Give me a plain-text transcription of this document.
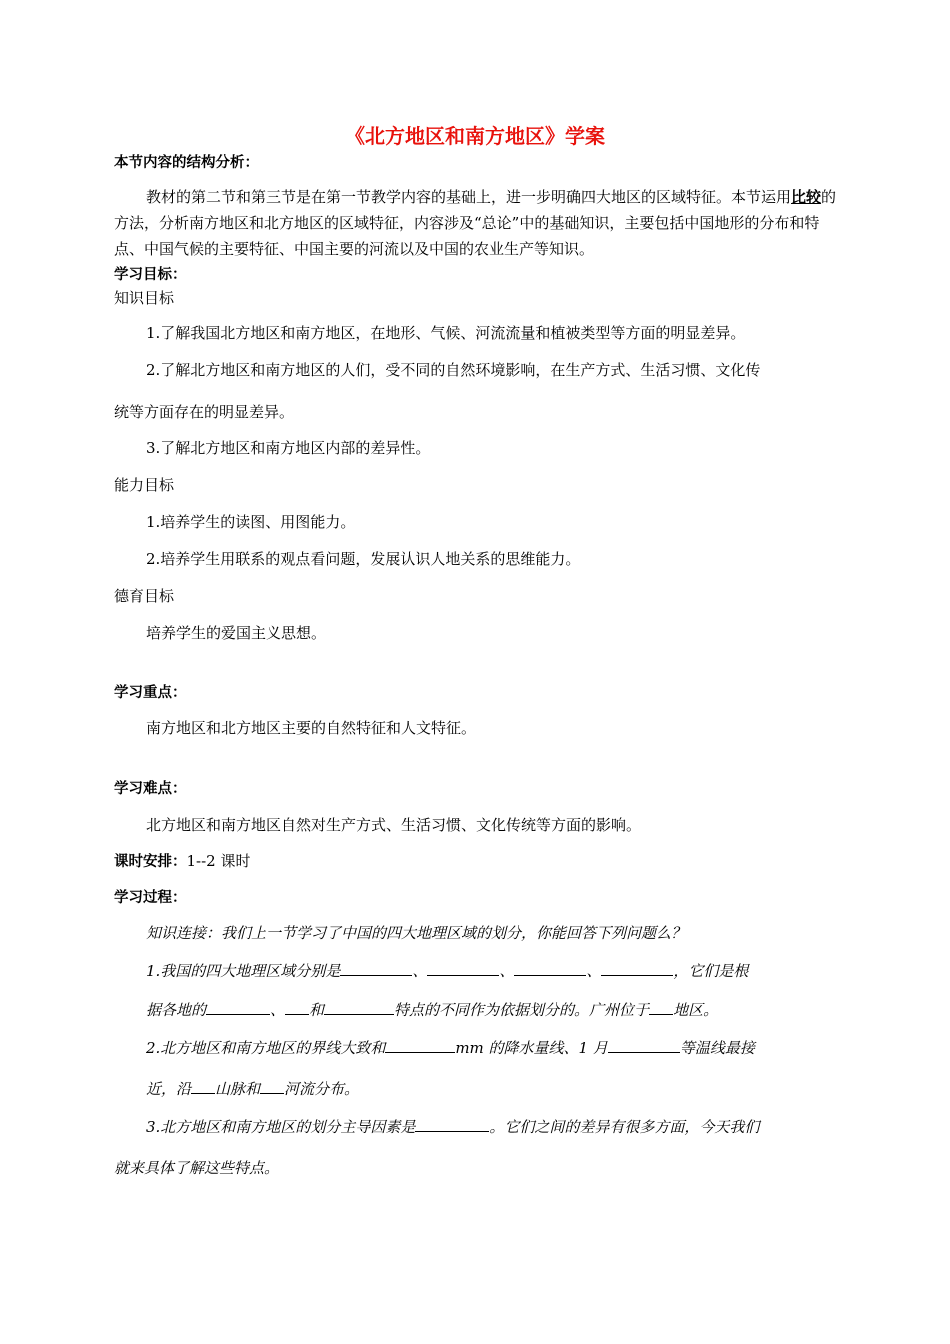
《北方地区和南方地区》学案
本节内容的结构分析：
教材的第二节和第三节是在第一节教学内容的基础上，进一步明确四大地区的区域特征。本节运用比较的方法，分析南方地区和北方地区的区域特征，内容涉及“总论”中的基础知识，主要包括中国地形的分布和特点、中国气候的主要特征、中国主要的河流以及中国的农业生产等知识。
学习目标：
知识目标
1.了解我国北方地区和南方地区，在地形、气候、河流流量和植被类型等方面的明显差异。
2.了解北方地区和南方地区的人们，受不同的自然环境影响，在生产方式、生活习惯、文化传
统等方面存在的明显差异。
3.了解北方地区和南方地区内部的差异性。
能力目标
1.培养学生的读图、用图能力。
2.培养学生用联系的观点看问题，发展认识人地关系的思维能力。
德育目标
培养学生的爱国主义思想。
学习重点：
南方地区和北方地区主要的自然特征和人文特征。
学习难点：
北方地区和南方地区自然对生产方式、生活习惯、文化传统等方面的影响。
课时安排：1--2 课时
学习过程：
知识连接：我们上一节学习了中国的四大地理区域的划分，你能回答下列问题么？
1.我国的四大地理区域分别是	、	、	、	，它们是根
据各地的	、 和	特点的不同作为依据划分的。广州位于 地区。
2.北方地区和南方地区的界线大致和	mm 的降水量线、1 月	等温线最接
近，沿 山脉和 河流分布。
3.北方地区和南方地区的划分主导因素是	。它们之间的差异有很多方面，今天我们
就来具体了解这些特点。
